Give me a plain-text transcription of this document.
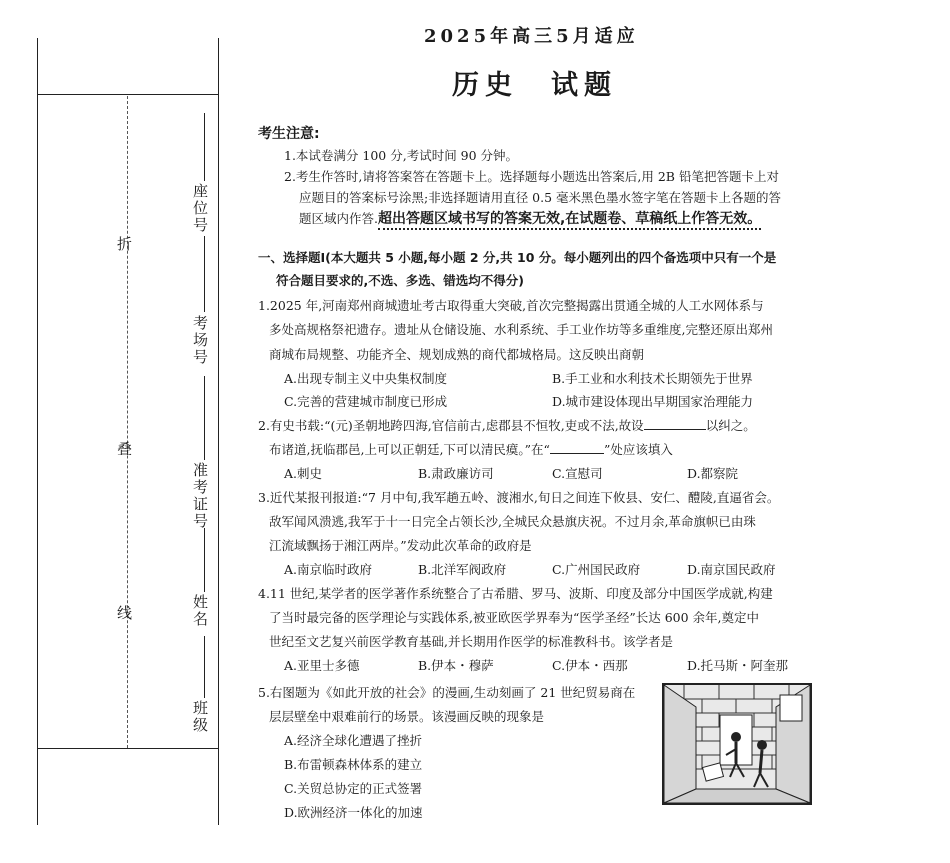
折
叠
线
座位号
考场号
准考证号
姓名
班级
2025年高三5月适应
历史　试题
考生注意:
1.本试卷满分 100 分,考试时间 90 分钟。
2.考生作答时,请将答案答在答题卡上。选择题每小题选出答案后,用 2B 铅笔把答题卡上对
应题目的答案标号涂黑;非选择题请用直径 0.5 毫米黑色墨水签字笔在答题卡上各题的答
题区域内作答.超出答题区域书写的答案无效,在试题卷、草稿纸上作答无效。
一、选择题Ⅰ(本大题共 5 小题,每小题 2 分,共 10 分。每小题列出的四个备选项中只有一个是
符合题目要求的,不选、多选、错选均不得分)
1.2025 年,河南郑州商城遗址考古取得重大突破,首次完整揭露出贯通全城的人工水网体系与
多处高规格祭祀遗存。遗址从仓储设施、水利系统、手工业作坊等多重维度,完整还原出郑州
商城布局规整、功能齐全、规划成熟的商代都城格局。这反映出商朝
A.出现专制主义中央集权制度	B.手工业和水利技术长期领先于世界
C.完善的营建城市制度已形成	D.城市建设体现出早期国家治理能力
2.有史书载:“(元)圣朝地跨四海,官信前古,虑郡县不恒牧,吏或不法,故设	以纠之。
布诸道,抚临郡邑,上可以正朝廷,下可以清民瘼。”在“	”处应该填入
A.刺史	B.肃政廉访司	C.宣慰司	D.都察院
3.近代某报刊报道:“7 月中旬,我军趟五岭、渡湘水,旬日之间连下攸县、安仁、醴陵,直逼省会。
敌军闻风溃逃,我军于十一日完全占领长沙,全城民众悬旗庆祝。不过月余,革命旗帜已由珠
江流域飘扬于湘江两岸。”发动此次革命的政府是
A.南京临时政府	B.北洋军阀政府	C.广州国民政府	D.南京国民政府
4.11 世纪,某学者的医学著作系统整合了古希腊、罗马、波斯、印度及部分中国医学成就,构建
了当时最完备的医学理论与实践体系,被亚欧医学界奉为“医学圣经”长达 600 余年,奠定中
世纪至文艺复兴前医学教育基础,并长期用作医学的标准教科书。该学者是
A.亚里士多德	B.伊本・穆萨	C.伊本・西那	D.托马斯・阿奎那
5.右图题为《如此开放的社会》的漫画,生动刻画了 21 世纪贸易商在
层层壁垒中艰难前行的场景。该漫画反映的现象是
A.经济全球化遭遇了挫折
B.布雷顿森林体系的建立
C.关贸总协定的正式签署
D.欧洲经济一体化的加速
